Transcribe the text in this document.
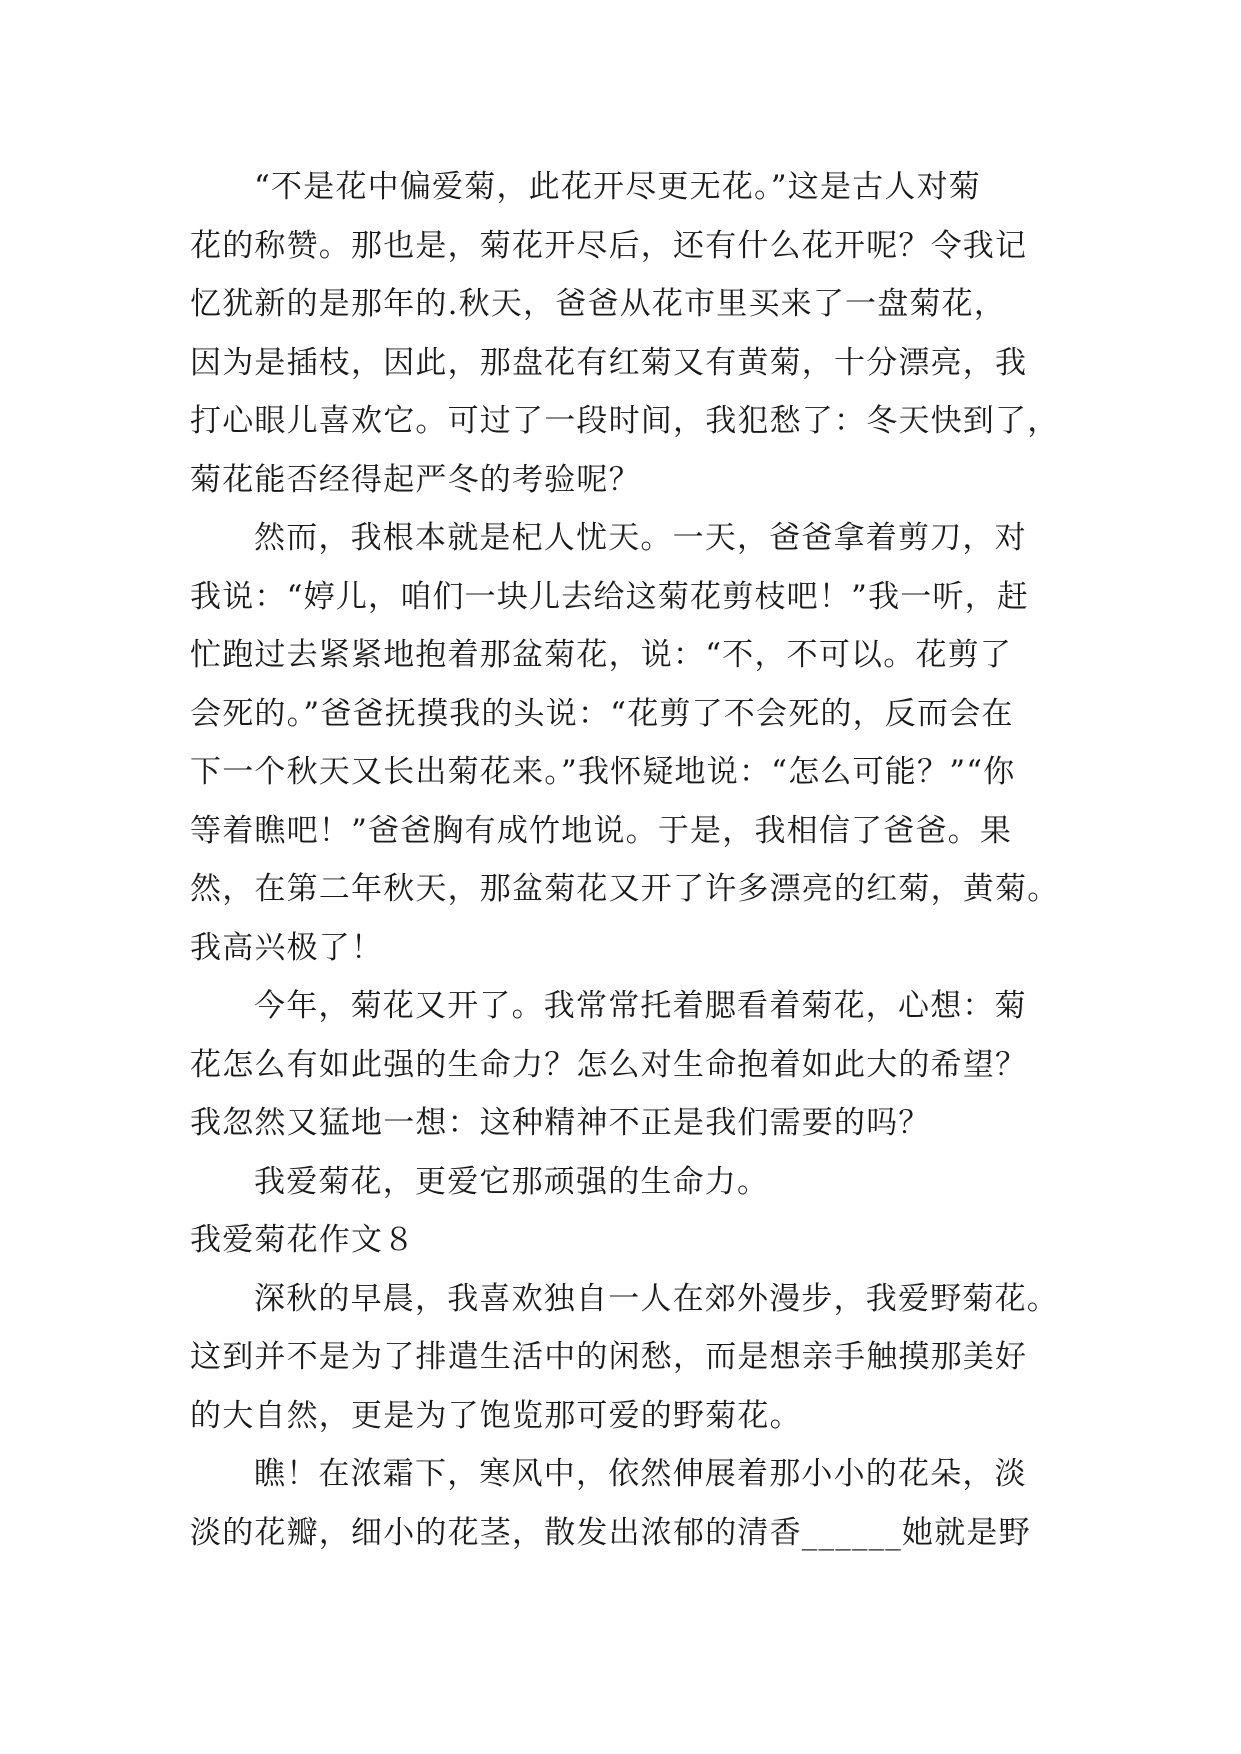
“不是花中偏爱菊，此花开尽更无花。”这是古人对菊
花的称赞。那也是，菊花开尽后，还有什么花开呢？令我记
忆犹新的是那年的.秋天，爸爸从花市里买来了一盘菊花，
因为是插枝，因此，那盘花有红菊又有黄菊，十分漂亮，我
打心眼儿喜欢它。可过了一段时间，我犯愁了：冬天快到了，
菊花能否经得起严冬的考验呢？
然而，我根本就是杞人忧天。一天，爸爸拿着剪刀，对
我说：“婷儿，咱们一块儿去给这菊花剪枝吧！”我一听，赶
忙跑过去紧紧地抱着那盆菊花，说：“不，不可以。花剪了
会死的。”爸爸抚摸我的头说：“花剪了不会死的，反而会在
下一个秋天又长出菊花来。”我怀疑地说：“怎么可能？”“你
等着瞧吧！”爸爸胸有成竹地说。于是，我相信了爸爸。果
然，在第二年秋天，那盆菊花又开了许多漂亮的红菊，黄菊。
我高兴极了！
今年，菊花又开了。我常常托着腮看着菊花，心想：菊
花怎么有如此强的生命力？怎么对生命抱着如此大的希望？
我忽然又猛地一想：这种精神不正是我们需要的吗？
我爱菊花，更爱它那顽强的生命力。
我爱菊花作文８
深秋的早晨，我喜欢独自一人在郊外漫步，我爱野菊花。
这到并不是为了排遣生活中的闲愁，而是想亲手触摸那美好
的大自然，更是为了饱览那可爱的野菊花。
瞧！在浓霜下，寒风中，依然伸展着那小小的花朵，淡
淡的花瓣，细小的花茎，散发出浓郁的清香______她就是野
